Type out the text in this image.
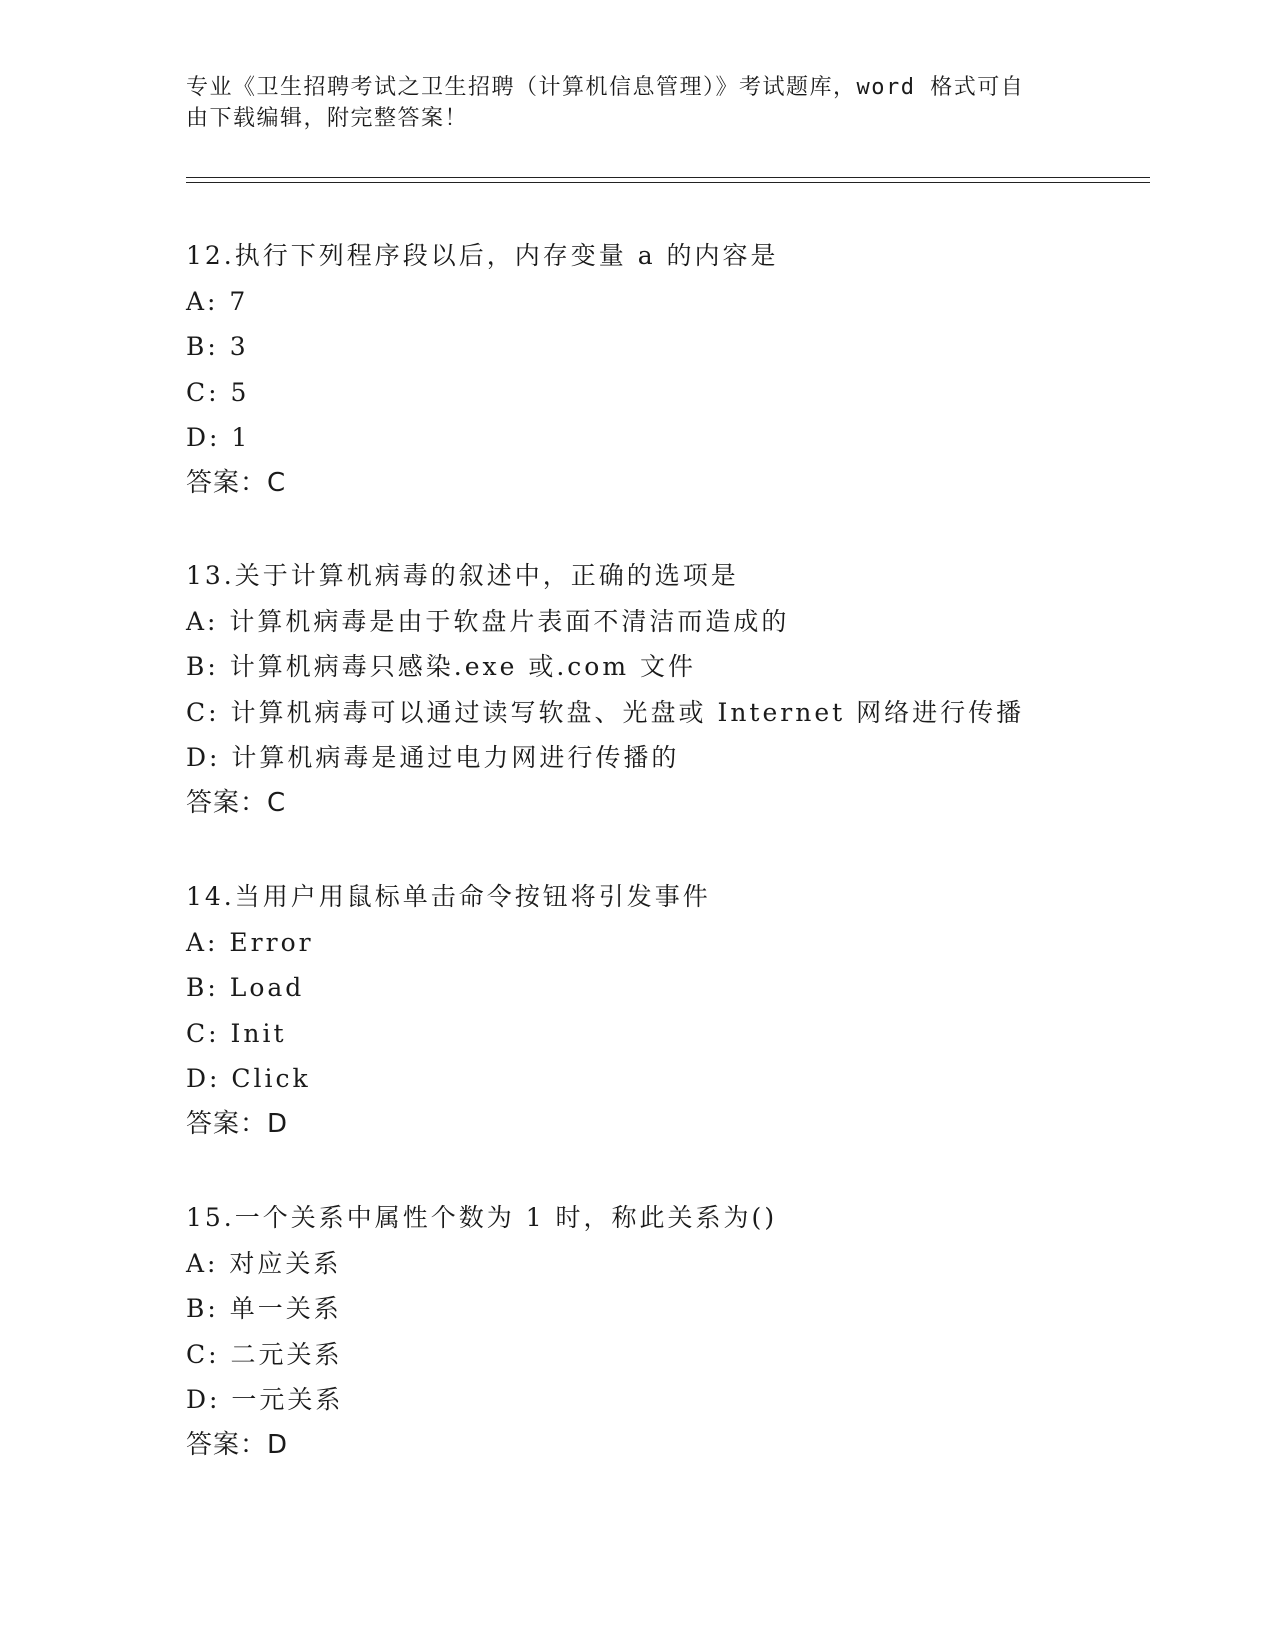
专业《卫生招聘考试之卫生招聘（计算机信息管理）》考试题库，word 格式可自
由下载编辑，附完整答案！
12.执行下列程序段以后，内存变量 a 的内容是
A: 7
B: 3
C: 5
D: 1
答案：C
13.关于计算机病毒的叙述中，正确的选项是
A: 计算机病毒是由于软盘片表面不清洁而造成的
B: 计算机病毒只感染.exe 或.com 文件
C: 计算机病毒可以通过读写软盘、光盘或 Internet 网络进行传播
D: 计算机病毒是通过电力网进行传播的
答案：C
14.当用户用鼠标单击命令按钮将引发事件
A: Error
B: Load
C: Init
D: Click
答案：D
15.一个关系中属性个数为 1 时，称此关系为()
A: 对应关系
B: 单一关系
C: 二元关系
D: 一元关系
答案：D
